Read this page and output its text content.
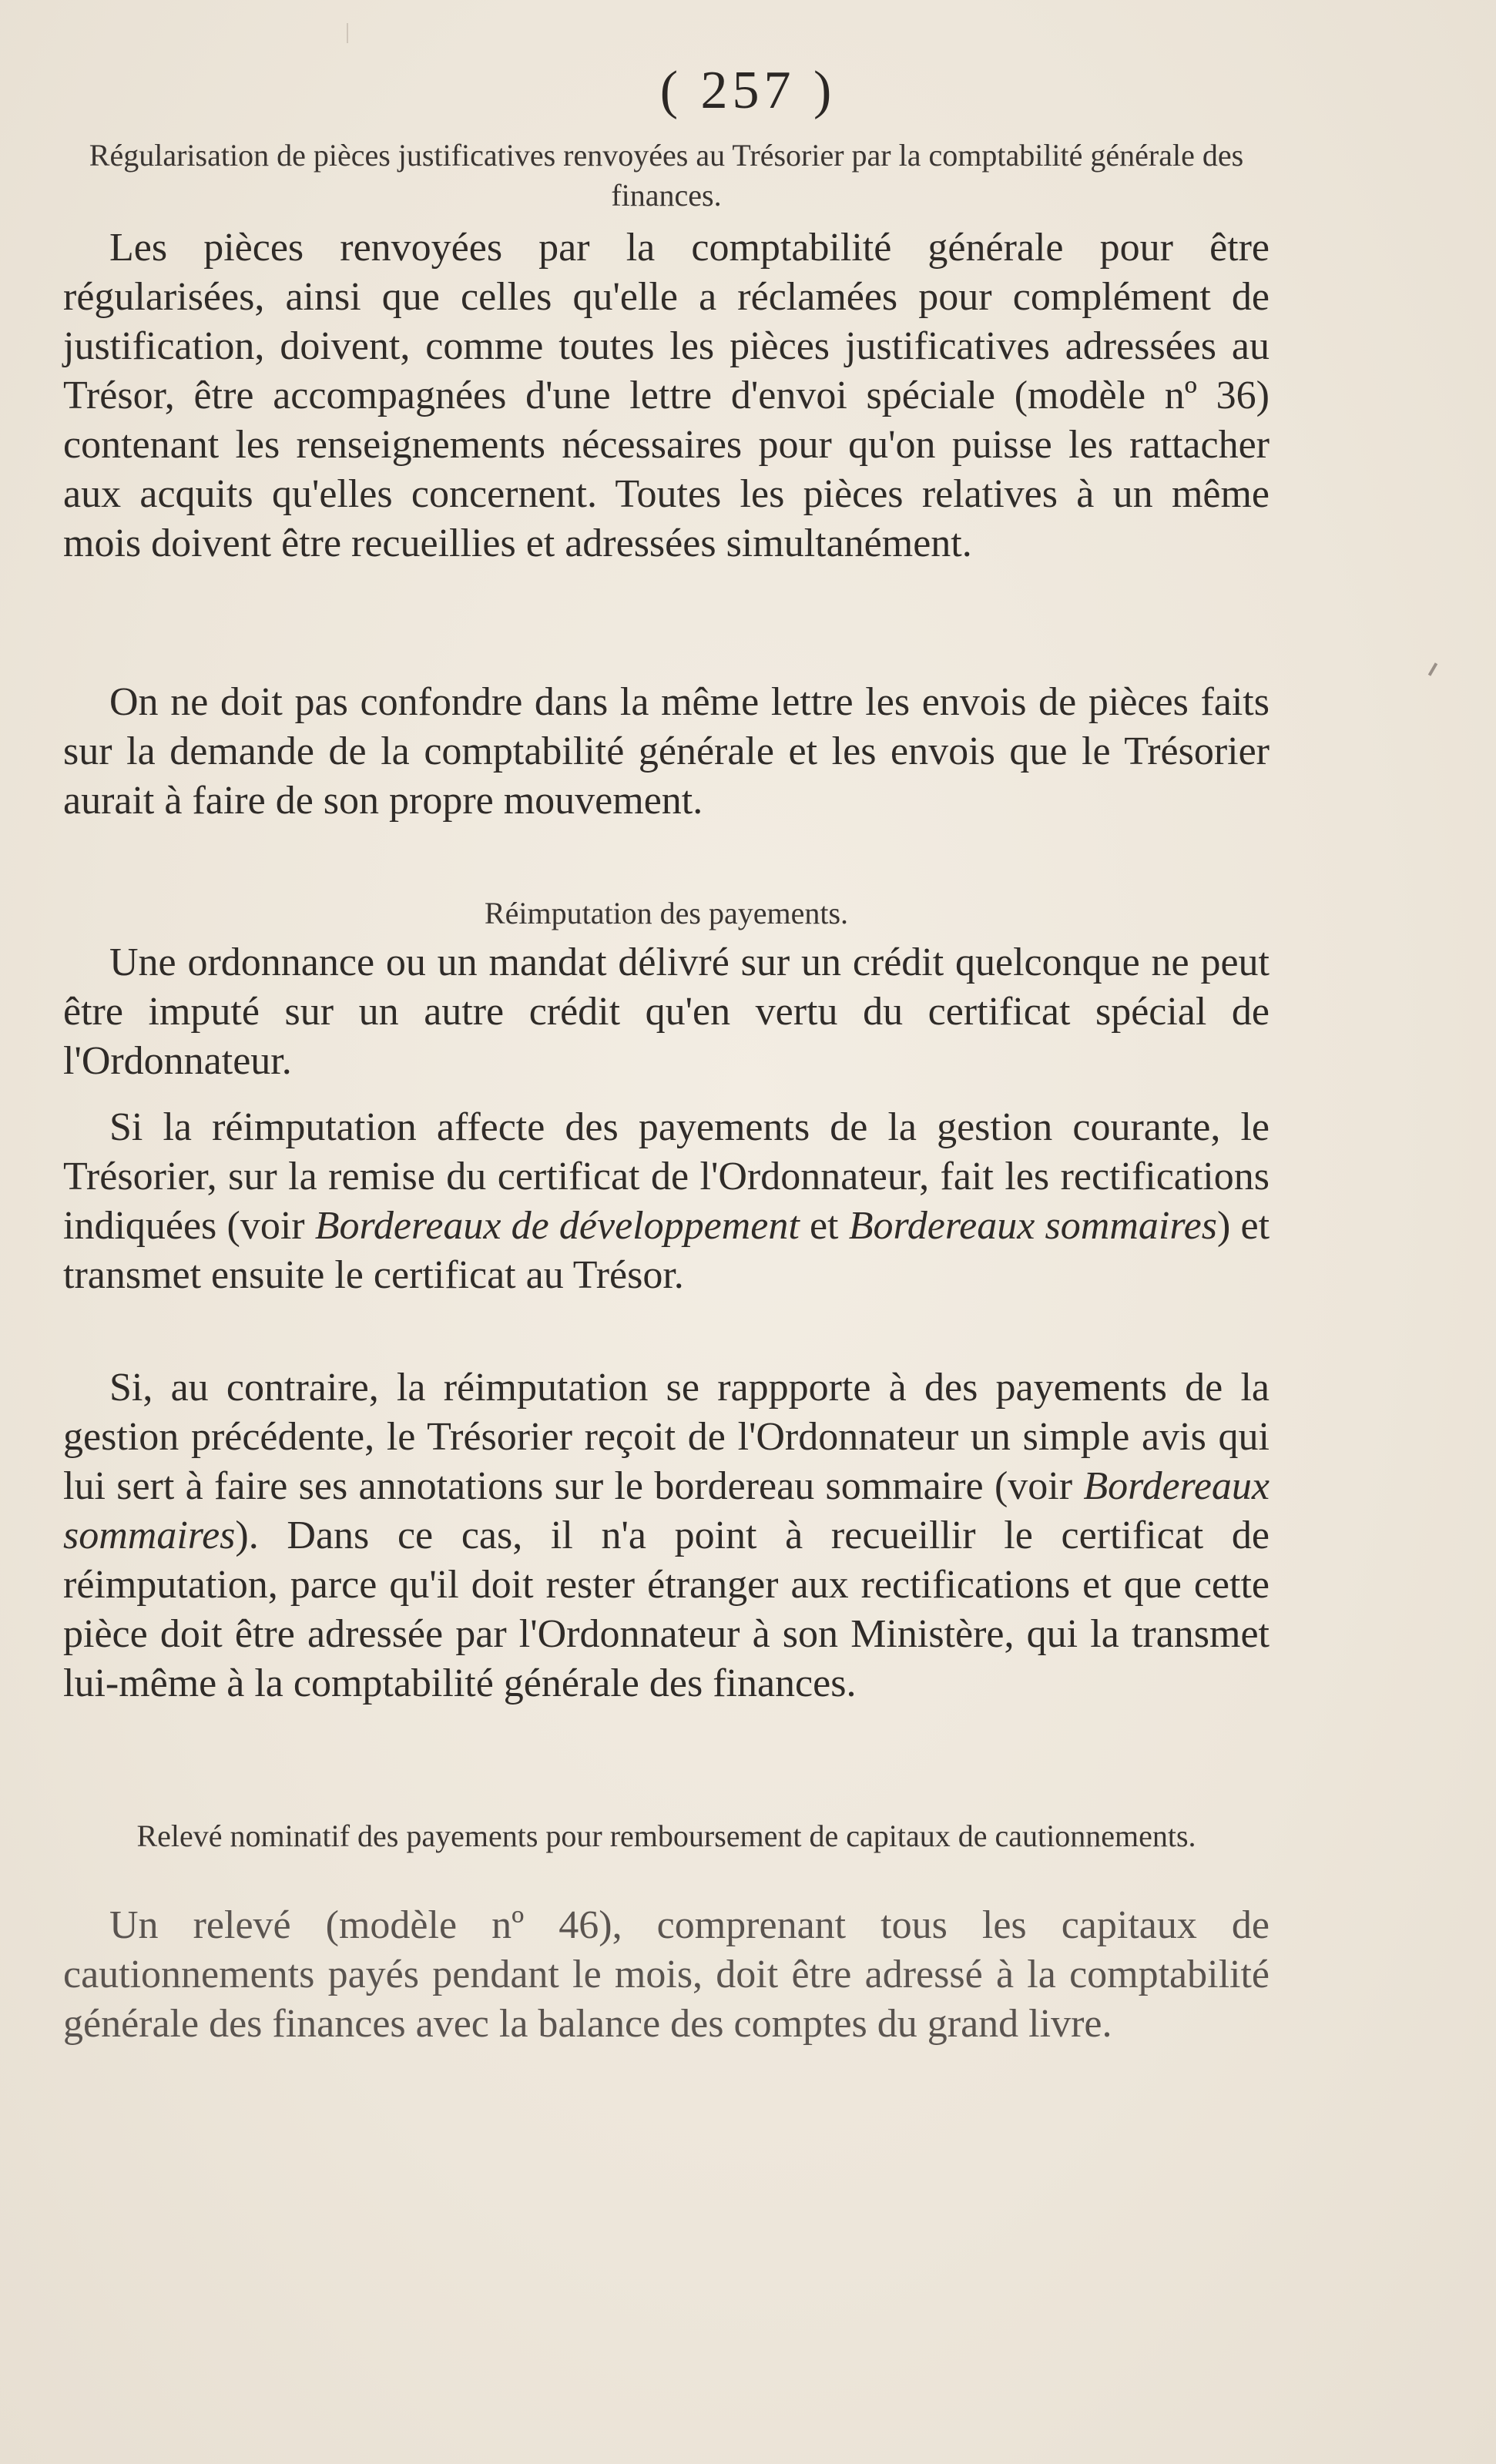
( 257 )
Régularisation de pièces justificatives renvoyées au Trésorier par la comptabilité générale des finances.
Les pièces renvoyées par la comptabilité générale pour être régularisées, ainsi que celles qu'elle a réclamées pour complément de justification, doivent, comme toutes les pièces justificatives adressées au Trésor, être accompagnées d'une lettre d'envoi spéciale (modèle nº 36) contenant les renseignements nécessaires pour qu'on puisse les rattacher aux acquits qu'elles concernent. Toutes les pièces relatives à un même mois doivent être recueillies et adressées simultanément.
On ne doit pas confondre dans la même lettre les envois de pièces faits sur la demande de la comptabilité générale et les envois que le Trésorier aurait à faire de son propre mouvement.
Réimputation des payements.
Une ordonnance ou un mandat délivré sur un crédit quelconque ne peut être imputé sur un autre crédit qu'en vertu du certificat spécial de l'Ordonnateur.
Si la réimputation affecte des payements de la gestion courante, le Trésorier, sur la remise du certificat de l'Ordonnateur, fait les rectifications indiquées (voir Bordereaux de développement et Bordereaux sommaires) et transmet ensuite le certificat au Trésor.
Si, au contraire, la réimputation se rappporte à des payements de la gestion précédente, le Trésorier reçoit de l'Ordonnateur un simple avis qui lui sert à faire ses annotations sur le bordereau sommaire (voir Bordereaux sommaires). Dans ce cas, il n'a point à recueillir le certificat de réimputation, parce qu'il doit rester étranger aux rectifications et que cette pièce doit être adressée par l'Ordonnateur à son Ministère, qui la transmet lui-même à la comptabilité générale des finances.
Relevé nominatif des payements pour remboursement de capitaux de cautionnements.
Un relevé (modèle nº 46), comprenant tous les capitaux de cautionnements payés pendant le mois, doit être adressé à la comptabilité générale des finances avec la balance des comptes du grand livre.
